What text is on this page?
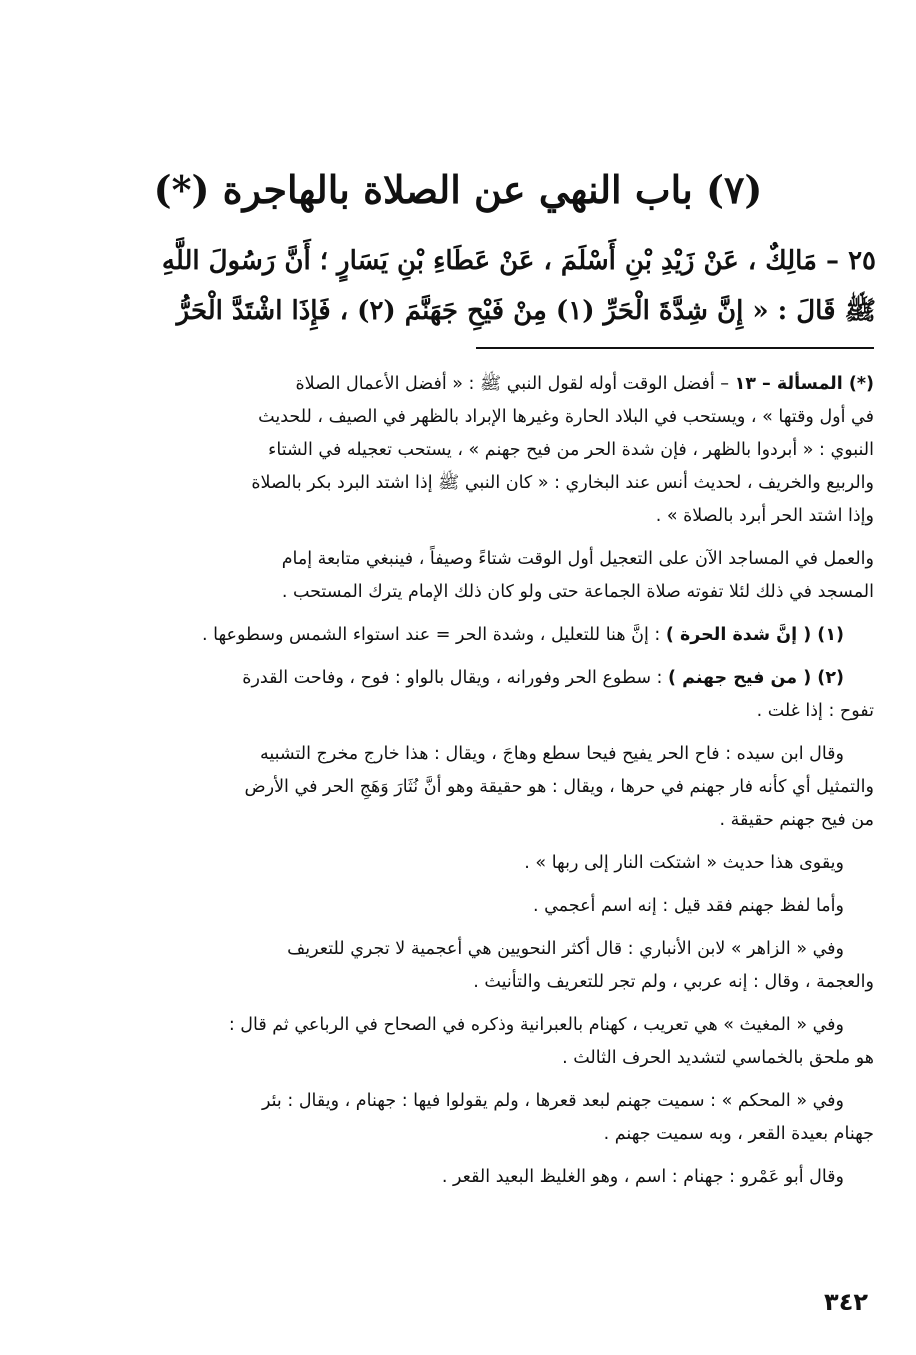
(٧) باب النهي عن الصلاة بالهاجرة (*)
٢٥ – مَالِكٌ ، عَنْ زَيْدِ بْنِ أَسْلَمَ ، عَنْ عَطَاءِ بْنِ يَسَارٍ ؛ أَنَّ رَسُولَ اللَّهِ
ﷺ قَالَ : « إِنَّ شِدَّةَ الْحَرِّ (١) مِنْ فَيْحِ جَهَنَّمَ (٢) ، فَإِذَا اشْتَدَّ الْحَرُّ
(*) المسألة – ١٣ – أفضل الوقت أوله لقول النبي ﷺ : « أفضل الأعمال الصلاة
في أول وقتها » ، ويستحب في البلاد الحارة وغيرها الإبراد بالظهر في الصيف ، للحديث
النبوي : « أبردوا بالظهر ، فإن شدة الحر من فيح جهنم » ، يستحب تعجيله في الشتاء
والربيع والخريف ، لحديث أنس عند البخاري : « كان النبي ﷺ إذا اشتد البرد بكر بالصلاة
وإذا اشتد الحر أبرد بالصلاة » .
والعمل في المساجد الآن على التعجيل أول الوقت شتاءً وصيفاً ، فينبغي متابعة إمام
المسجد في ذلك لئلا تفوته صلاة الجماعة حتى ولو كان ذلك الإمام يترك المستحب .
(١) ( إنَّ شدة الحرة ) : إنَّ هنا للتعليل ، وشدة الحر = عند استواء الشمس وسطوعها .
(٢) ( من فيح جهنم ) : سطوع الحر وفورانه ، ويقال بالواو : فوح ، وفاحت القدرة
تفوح : إذا غلت .
وقال ابن سيده : فاح الحر يفيح فيحا سطع وهاجَ ، ويقال : هذا خارج مخرج التشبيه
والتمثيل أي كأنه فار جهنم في حرها ، ويقال : هو حقيقة وهو أنَّ نُثَارَ وَهَجِ الحر في الأرض
من فيح جهنم حقيقة .
ويقوى هذا حديث « اشتكت النار إلى ربها » .
وأما لفظ جهنم فقد قيل : إنه اسم أعجمي .
وفي « الزاهر » لابن الأنباري : قال أكثر النحويين هي أعجمية لا تجري للتعريف
والعجمة ، وقال : إنه عربي ، ولم تجر للتعريف والتأنيث .
وفي « المغيث » هي تعريب ، كهنام بالعبرانية وذكره في الصحاح في الرباعي ثم قال :
هو ملحق بالخماسي لتشديد الحرف الثالث .
وفي « المحكم » : سميت جهنم لبعد قعرها ، ولم يقولوا فيها : جهنام ، ويقال : بئر
جهنام بعيدة القعر ، وبه سميت جهنم .
وقال أبو عَمْرو : جهنام : اسم ، وهو الغليظ البعيد القعر .
٣٤٢
